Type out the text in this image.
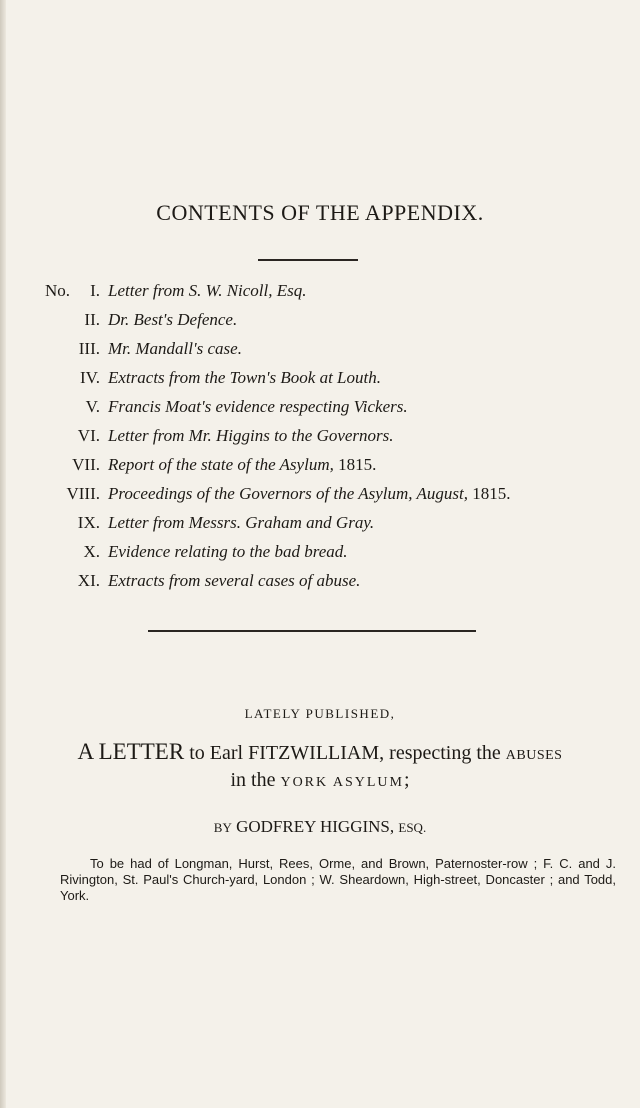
CONTENTS OF THE APPENDIX.
No. I. Letter from S. W. Nicoll, Esq.
II. Dr. Best's Defence.
III. Mr. Mandall's case.
IV. Extracts from the Town's Book at Louth.
V. Francis Moat's evidence respecting Vickers.
VI. Letter from Mr. Higgins to the Governors.
VII. Report of the state of the Asylum, 1815.
VIII. Proceedings of the Governors of the Asylum, August, 1815.
IX. Letter from Messrs. Graham and Gray.
X. Evidence relating to the bad bread.
XI. Extracts from several cases of abuse.
LATELY PUBLISHED,
A LETTER to Earl FITZWILLIAM, respecting the ABUSES
in the YORK ASYLUM;
BY GODFREY HIGGINS, ESQ.
To be had of Longman, Hurst, Rees, Orme, and Brown, Paternoster-row ; F. C. and J. Rivington, St. Paul's Church-yard, London ; W. Sheardown, High-street, Doncaster ; and Todd, York.
